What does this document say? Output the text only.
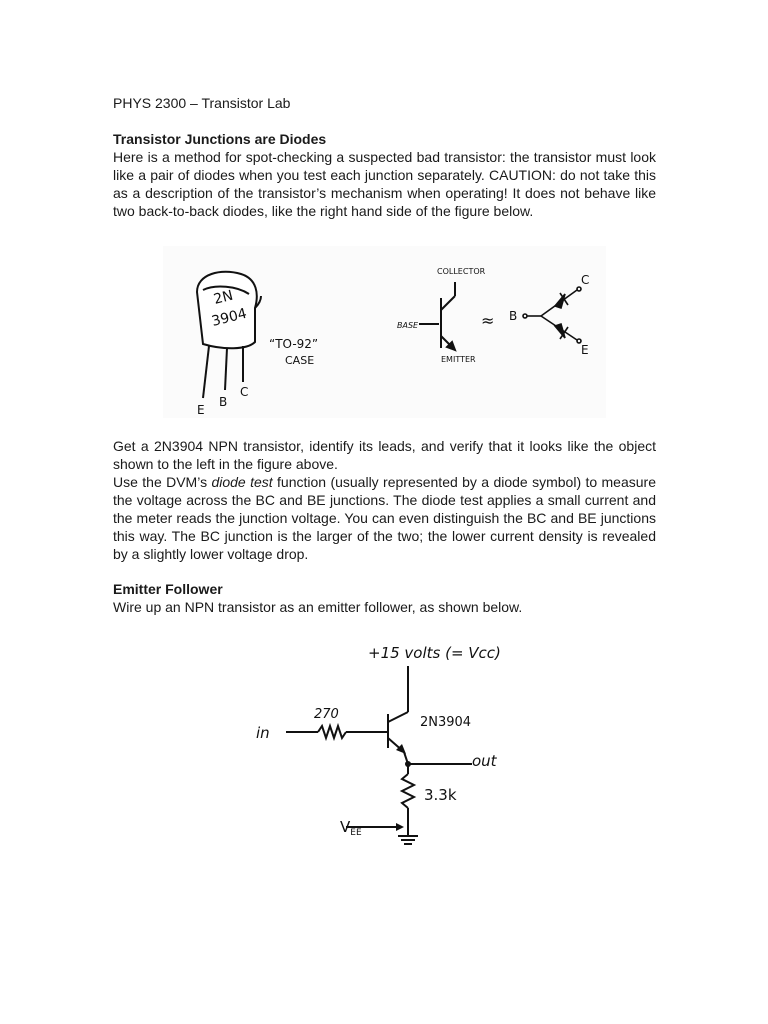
PHYS 2300 – Transistor Lab

Transistor Junctions are Diodes

Here is a method for spot-checking a suspected bad transistor: the transistor must look like a pair of diodes when you test each junction separately. CAUTION: do not take this as a description of the transistor’s mechanism when operating! It does not behave like two back-to-back diodes, like the right hand side of the figure below.

2N
3904
E
B
C
“TO-92”
CASE
COLLECTOR
BASE
EMITTER
≈ B
C
E

Get a 2N3904 NPN transistor, identify its leads, and verify that it looks like the object shown to the left in the figure above.

Use the DVM’s diode test function (usually represented by a diode symbol) to measure the voltage across the BC and BE junctions. The diode test applies a small current and the meter reads the junction voltage. You can even distinguish the BC and BE junctions this way. The BC junction is the larger of the two; the lower current density is revealed by a slightly lower voltage drop.

Emitter Follower

Wire up an NPN transistor as an emitter follower, as shown below.

+15 volts (= Vcc)
270
in
2N3904
out
3.3k
$V_{EE}$
